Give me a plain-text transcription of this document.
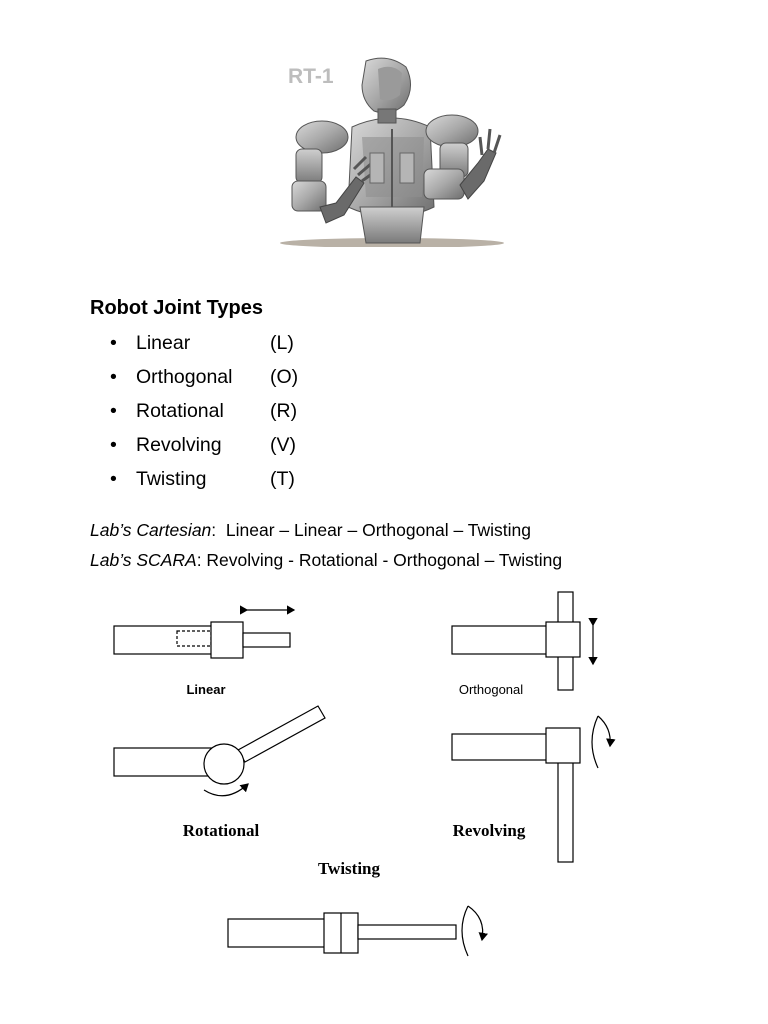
RT-1
Robot Joint Types
• Linear	(L)
• Orthogonal (O)
• Rotational (R)
• Revolving (V)
• Twisting	(T)
Lab’s Cartesian:  Linear – Linear – Orthogonal – Twisting
Lab’s SCARA: Revolving - Rotational - Orthogonal – Twisting
Linear	Orthogonal
Rotational	Revolving
Twisting
